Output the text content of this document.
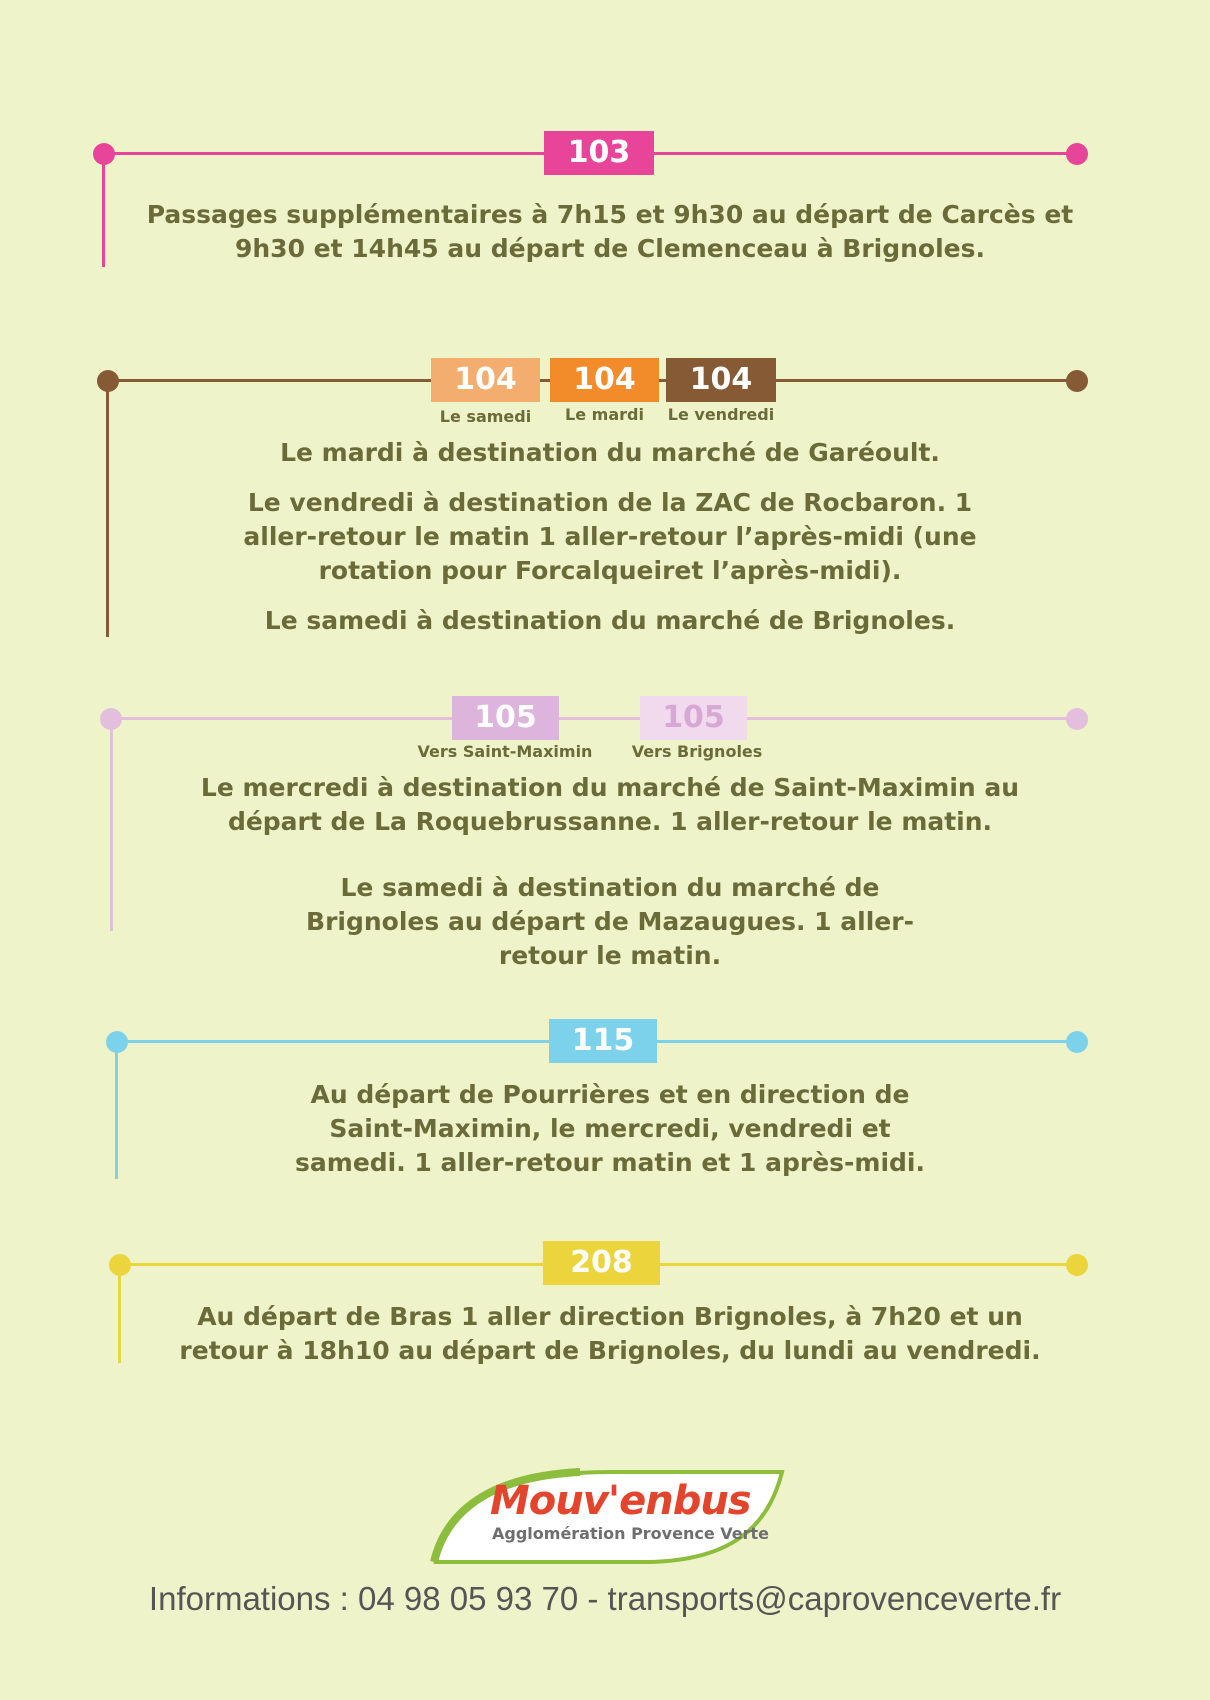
103

Passages supplémentaires à 7h15 et 9h30 au départ de Carcès et 9h30 et 14h45 au départ de Clemenceau à Brignoles.

104	104	104
Le samedi	Le mardi	Le vendredi

Le mardi à destination du marché de Garéoult.

Le vendredi à destination de la ZAC de Rocbaron. 1 aller-retour le matin 1 aller-retour l’après-midi (une rotation pour Forcalqueiret l’après-midi).

Le samedi à destination du marché de Brignoles.

105	105
Vers Saint-Maximin	Vers Brignoles

Le mercredi à destination du marché de Saint-Maximin au départ de La Roquebrussanne. 1 aller-retour le matin.

Le samedi à destination du marché de Brignoles au départ de Mazaugues. 1 aller-retour le matin.

115

Au départ de Pourrières et en direction de Saint-Maximin, le mercredi, vendredi et samedi. 1 aller-retour matin et 1 après-midi.

208

Au départ de Bras 1 aller direction Brignoles, à 7h20 et un retour à 18h10 au départ de Brignoles, du lundi au vendredi.

Mouv'enbus
Agglomération Provence Verte
Informations : 04 98 05 93 70 - transports@caprovenceverte.fr
